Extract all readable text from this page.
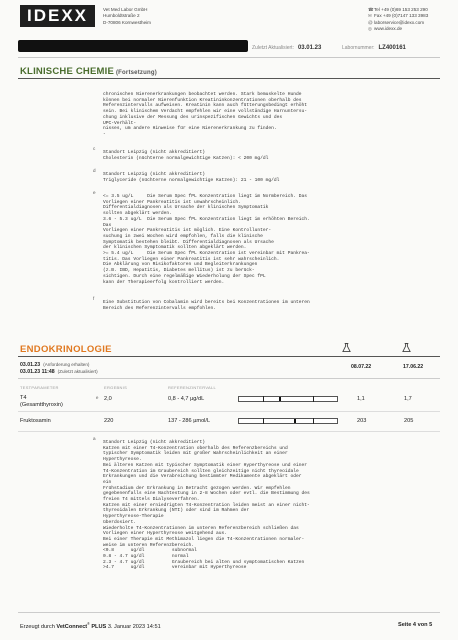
IDEXX	Vet Med Labor GmbH
Humboldtstraße 2
D-70806 Kornwestheim
☎Tel +49 (0)69 153 253 290
✉ Fax +49 (0)7147 133 3983
@laborservice@idexx.com
◎ www.idexx.de
Zuletzt Aktualisiert: 03.01.23	Labornummer: LZ400161
KLINISCHE CHEMIE (Fortsetzung)
chronischen Nierenerkrankungen beobachtet werden. Stark bemuskelte Hunde
können bei normaler Nierenfunktion Kreatininkonzentrationen oberhalb des
Referenzintervalls aufweisen. Kreatinin kann auch fütterungsbedingt erhöht
sein. Bei klinischem Verdacht empfehlen wir eine vollständige Harnuntersu-
chung inklusive der Messung des urinspezifischen Gewichts und des
UPC-Verhält-
nisses, um andere Hinweise für eine Nierenerkrankung zu finden.
-
c
Standort Leipzig (nicht akkreditiert)
Cholesterin (nüchterne normalgewichtige Katzen): < 200 mg/dl
d
Standort Leipzig (nicht akkreditiert)
Triglyceride (nüchterne normalgewichtige Katzen): 21 - 100 mg/dl
e
<= 3.5 ug/L     Die Serum Spec fPL Konzentration liegt im Normbereich. Das
Vorliegen einer Pankreatitis ist unwahrscheinlich.
Differentialdiagnosen als Ursache der klinischen Symptomatik
sollten abgeklärt werden.
3.6 - 5.3 ug/L  Die Serum Spec fPL Konzentration liegt im erhöhten Bereich.
Das
Vorliegen einer Pankreatitis ist möglich. Eine Kontrollunter-
suchung in zwei Wochen wird empfohlen, falls die klinische
Symptomatik bestehen bleibt. Differentialdiagnosen als Ursache
der klinischen Symptomatik sollten abgeklärt werden.
>= 5.4 ug/L     Die Serum Spec fPL Konzentration ist vereinbar mit Pankrea-
titis. Das Vorliegen einer Pankreatitis ist sehr wahrscheinlich.
Die Abklärung von Risikofaktoren und Begleiterkrankungen
(z.B. IBD, Hepatitis, Diabetes mellitus) ist zu berück-
sichtigen. Durch eine regelmäßige Wiederholung der Spec fPL
kann der Therapieerfolg kontrolliert werden.
f
Eine Substitution von Cobalamin wird bereits bei Konzentrationen im unteren
Bereich des Referenzintervalls empfohlen.
ENDOKRINOLOGIE
03.01.23 (Anforderung erhalten)
03.01.23 11:48 (Zuletzt aktualisiert)
08.07.22	17.06.22
TESTPARAMETER	ERGEBNIS	REFERENZINTERVALL
T4
(Gesamtthyroxin)
e 2,0	0,8 - 4,7 µg/dL	1,1	1,7
Fruktosamin	220	137 - 286 µmol/L	203	205
a
Standort Leipzig (nicht akkreditiert)
Katzen mit einer T4-Konzentration oberhalb des Referenzbereichs und
typischer Symptomatik leiden mit großer Wahrscheinlichkeit an einer
Hyperthyreose.
Bei älteren Katzen mit typischer Symptomatik einer Hyperthyreose und einer
T4-Konzentration im Graubereich sollten gleichzeitige nicht thyreoidale
Erkrankungen und die Verabreichung bestimmter Medikamente abgeklärt oder
ein
Frühstadium der Erkrankung in Betracht gezogen werden. Wir empfehlen
gegebenenfalls eine Nachtestung in 2-8 Wochen oder evtl. die Bestimmung des
freien T4 mittels Dialyseverfahren.
Katzen mit einer erniedrigten T4-Konzentration leiden meist an einer nicht-
thyreoidalen Erkrankung (NTI) oder sind im Rahmen der
Hyperthyreose-Therapie
überdosiert.
Wiederholte T4-Konzentrationen im unteren Referenzbereich schließen das
Vorliegen einer Hyperthyreose weitgehend aus.
Bei einer Therapie mit Methimazol liegen die T4-Konzentrationen normaler-
weise im unteren Referenzbereich.
<0.8      ug/dl          subnormal
0.8 - 4.7 ug/dl          normal
2.3 - 4.7 ug/dl          Graubereich bei alten und symptomatischen Katzen
>4.7      ug/dl          vereinbar mit Hyperthyreose
Erzeugt durch VetConnect® PLUS 3. Januar 2023 14:51	Seite 4 von 5
